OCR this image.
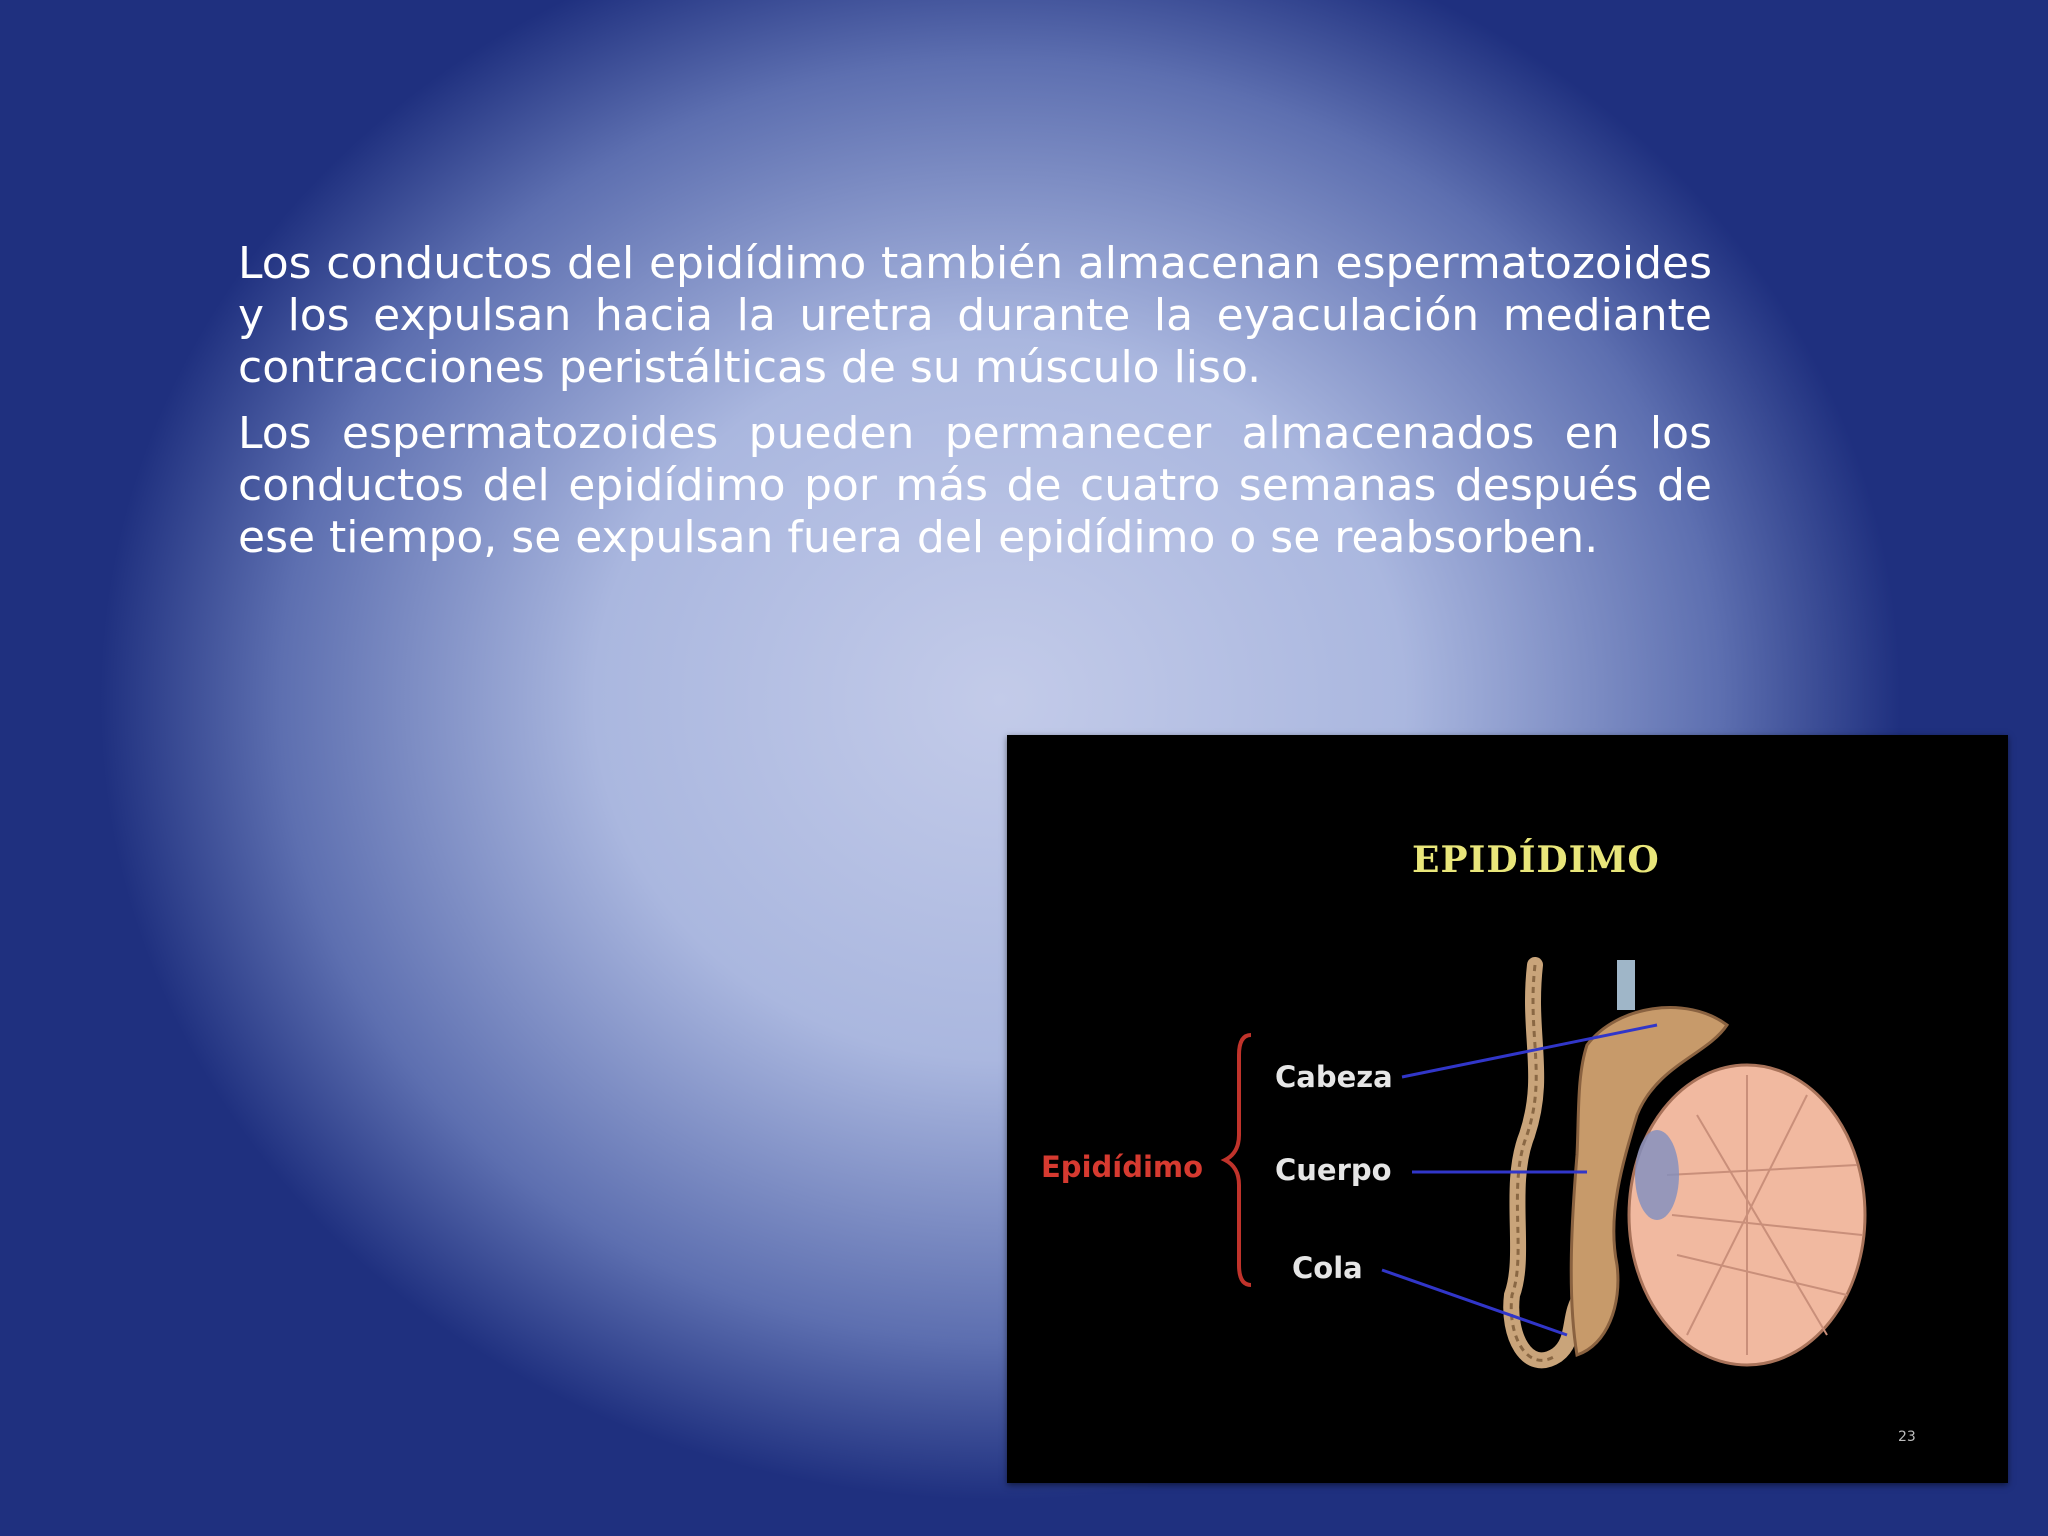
Los conductos del epidídimo también almacenan espermatozoides y los expulsan hacia la uretra durante la eyaculación mediante contracciones peristálticas de su músculo liso.

Los espermatozoides pueden permanecer almacenados en los conductos del epidídimo por más de cuatro semanas después de ese tiempo, se expulsan fuera del epidídimo o se reabsorben.

EPIDÍDIMO
Epidídimo
Cabeza
Cuerpo
Cola
23
